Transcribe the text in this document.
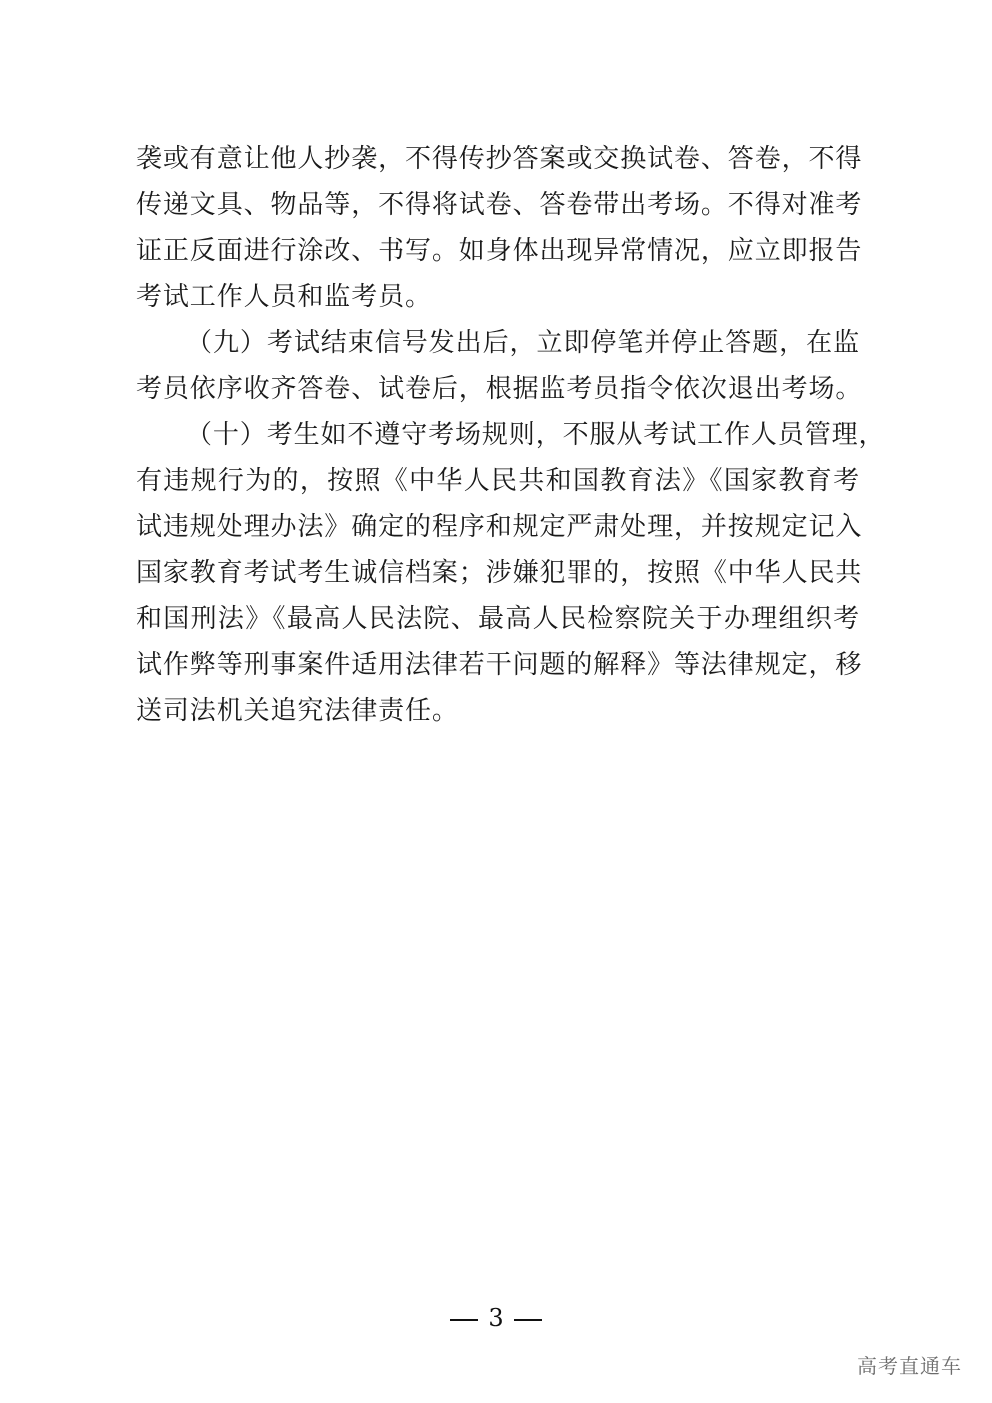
袭或有意让他人抄袭，不得传抄答案或交换试卷、答卷，不得
传递文具、物品等，不得将试卷、答卷带出考场。不得对准考
证正反面进行涂改、书写。如身体出现异常情况，应立即报告
考试工作人员和监考员。
（九）考试结束信号发出后，立即停笔并停止答题，在监
考员依序收齐答卷、试卷后，根据监考员指令依次退出考场。
（十）考生如不遵守考场规则，不服从考试工作人员管理，
有违规行为的，按照《中华人民共和国教育法》《国家教育考
试违规处理办法》确定的程序和规定严肃处理，并按规定记入
国家教育考试考生诚信档案；涉嫌犯罪的，按照《中华人民共
和国刑法》《最高人民法院、最高人民检察院关于办理组织考
试作弊等刑事案件适用法律若干问题的解释》等法律规定，移
送司法机关追究法律责任。
3
高考直通车
